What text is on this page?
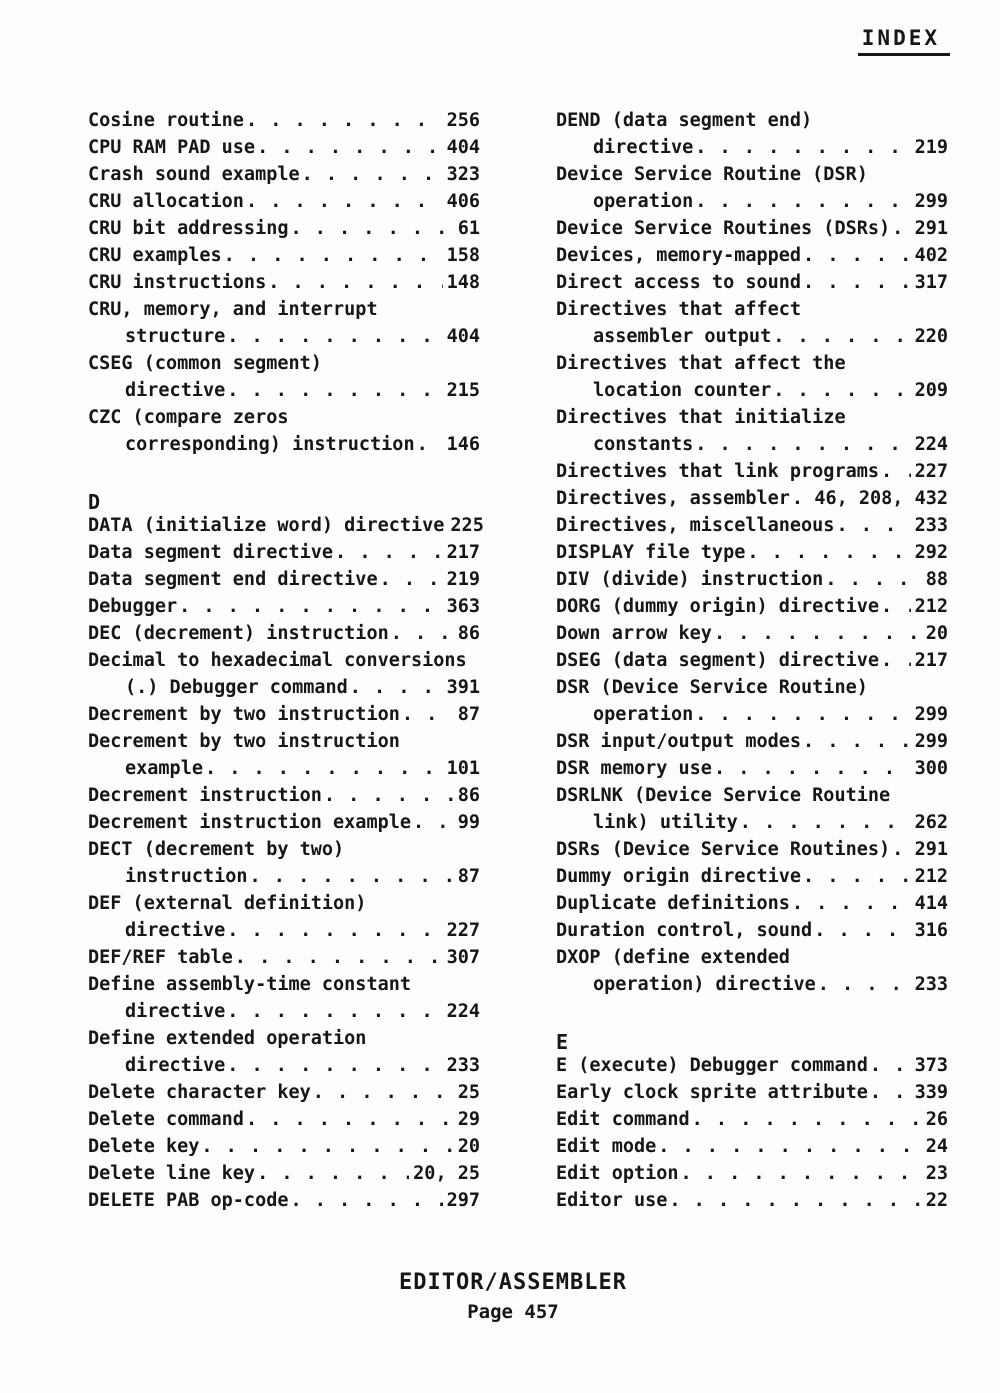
INDEX
Cosine routine . . .	256
CPU RAM PAD use . . .	404
Crash sound example . . .	323
CRU allocation . . .	406
CRU bit addressing . . .	61
CRU examples . . .	158
CRU instructions . . .	148
CRU, memory, and interrupt
structure . . .	404
CSEG (common segment)
directive . . .	215
CZC (compare zeros
corresponding) instruction . . . 146
D
DATA (initialize word) directive 225
Data segment directive . . .	217
Data segment end directive . . .	219
Debugger . . .	363
DEC (decrement) instruction . . .	86
Decimal to hexadecimal conversions
(.) Debugger command . . .	391
Decrement by two instruction . . .	87
Decrement by two instruction
example . . .	101
Decrement instruction . . .	86
Decrement instruction example . . .	99
DECT (decrement by two)
instruction . . .	87
DEF (external definition)
directive . . .	227
DEF/REF table . . .	307
Define assembly-time constant
directive . . .	224
Define extended operation
directive . . .	233
Delete character key . . .	25
Delete command . . .	29
Delete key . . .	20
Delete line key . . .	20, 25
DELETE PAB op-code . . .	297
DEND (data segment end)
directive . . .	219
Device Service Routine (DSR)
operation . . .	299
Device Service Routines (DSRs) . . . 291
Devices, memory-mapped . . .	402
Direct access to sound . . .	317
Directives that affect
assembler output . . .	220
Directives that affect the
location counter . . .	209
Directives that initialize
constants . . .	224
Directives that link programs . . . 227
Directives, assembler . . . 46, 208, 432
Directives, miscellaneous . . .	233
DISPLAY file type . . .	292
DIV (divide) instruction . . .	88
DORG (dummy origin) directive . . . 212
Down arrow key . . .	20
DSEG (data segment) directive . . . 217
DSR (Device Service Routine)
operation . . .	299
DSR input/output modes . . .	299
DSR memory use . . .	300
DSRLNK (Device Service Routine
link) utility . . .	262
DSRs (Device Service Routines) . . . 291
Dummy origin directive . . .	212
Duplicate definitions . . .	414
Duration control, sound . . .	316
DXOP (define extended
operation) directive . . .	233
E
E (execute) Debugger command . . .	373
Early clock sprite attribute . . .	339
Edit command . . .	26
Edit mode . . .	24
Edit option . . .	23
Editor use . . .	22
EDITOR/ASSEMBLER
Page 457
